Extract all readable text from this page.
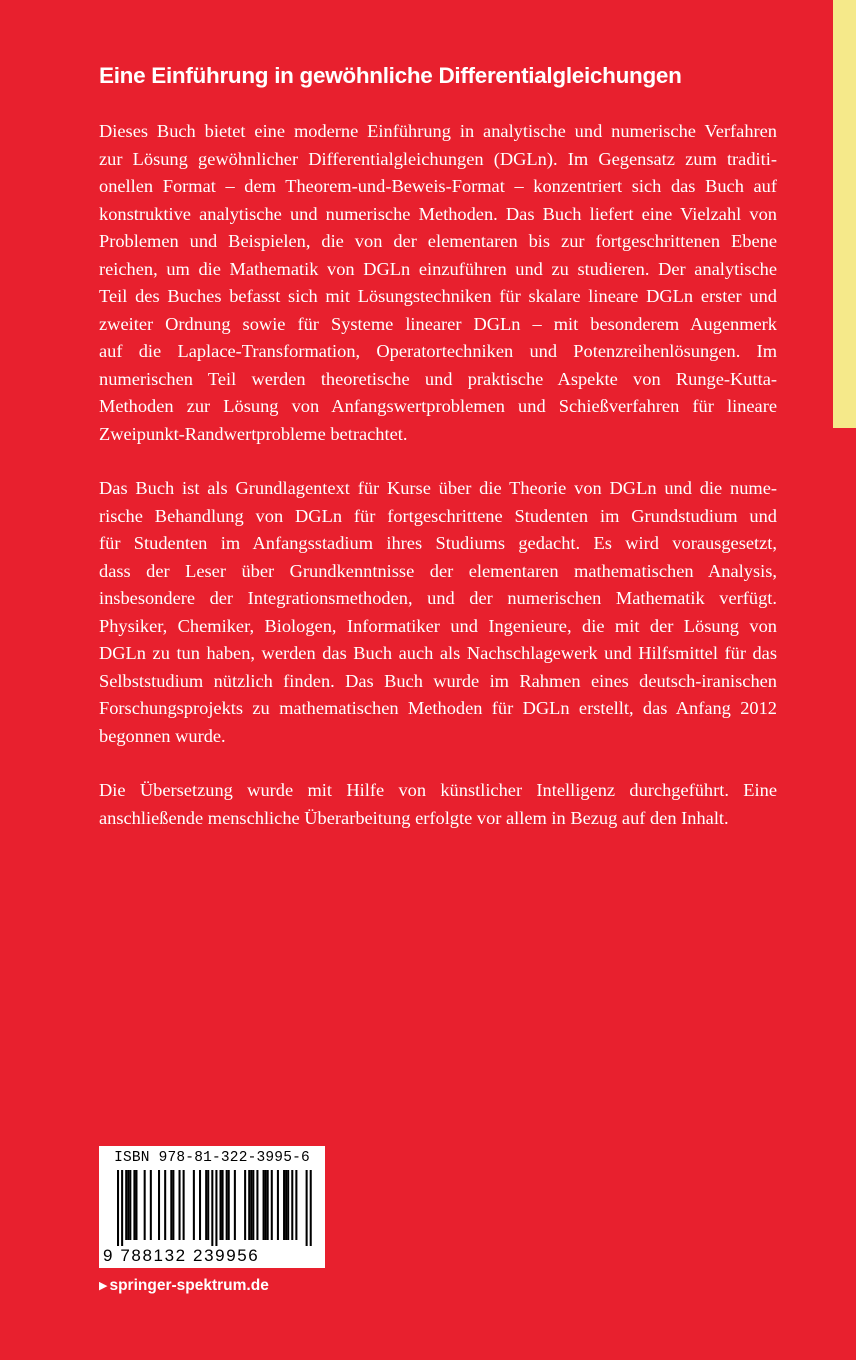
Eine Einführung in gewöhnliche Differentialgleichungen

Dieses Buch bietet eine moderne Einführung in analytische und numerische Verfahren
zur Lösung gewöhnlicher Differentialgleichungen (DGLn). Im Gegensatz zum traditi-
onellen Format – dem Theorem-und-Beweis-Format – konzentriert sich das Buch auf
konstruktive analytische und numerische Methoden. Das Buch liefert eine Vielzahl von
Problemen und Beispielen, die von der elementaren bis zur fortgeschrittenen Ebene
reichen, um die Mathematik von DGLn einzuführen und zu studieren. Der analytische
Teil des Buches befasst sich mit Lösungstechniken für skalare lineare DGLn erster und
zweiter Ordnung sowie für Systeme linearer DGLn – mit besonderem Augenmerk
auf die Laplace-Transformation, Operatortechniken und Potenzreihenlösungen. Im
numerischen Teil werden theoretische und praktische Aspekte von Runge-Kutta-
Methoden zur Lösung von Anfangswertproblemen und Schießverfahren für lineare
Zweipunkt-Randwertprobleme betrachtet.

Das Buch ist als Grundlagentext für Kurse über die Theorie von DGLn und die nume-
rische Behandlung von DGLn für fortgeschrittene Studenten im Grundstudium und
für Studenten im Anfangsstadium ihres Studiums gedacht. Es wird vorausgesetzt,
dass der Leser über Grundkenntnisse der elementaren mathematischen Analysis,
insbesondere der Integrationsmethoden, und der numerischen Mathematik verfügt.
Physiker, Chemiker, Biologen, Informatiker und Ingenieure, die mit der Lösung von
DGLn zu tun haben, werden das Buch auch als Nachschlagewerk und Hilfsmittel für das
Selbststudium nützlich finden. Das Buch wurde im Rahmen eines deutsch-iranischen
Forschungsprojekts zu mathematischen Methoden für DGLn erstellt, das Anfang 2012
begonnen wurde.

Die Übersetzung wurde mit Hilfe von künstlicher Intelligenz durchgeführt. Eine
anschließende menschliche Überarbeitung erfolgte vor allem in Bezug auf den Inhalt.

ISBN 978-81-322-3995-6
9 788132 239956
▶ springer-spektrum.de
